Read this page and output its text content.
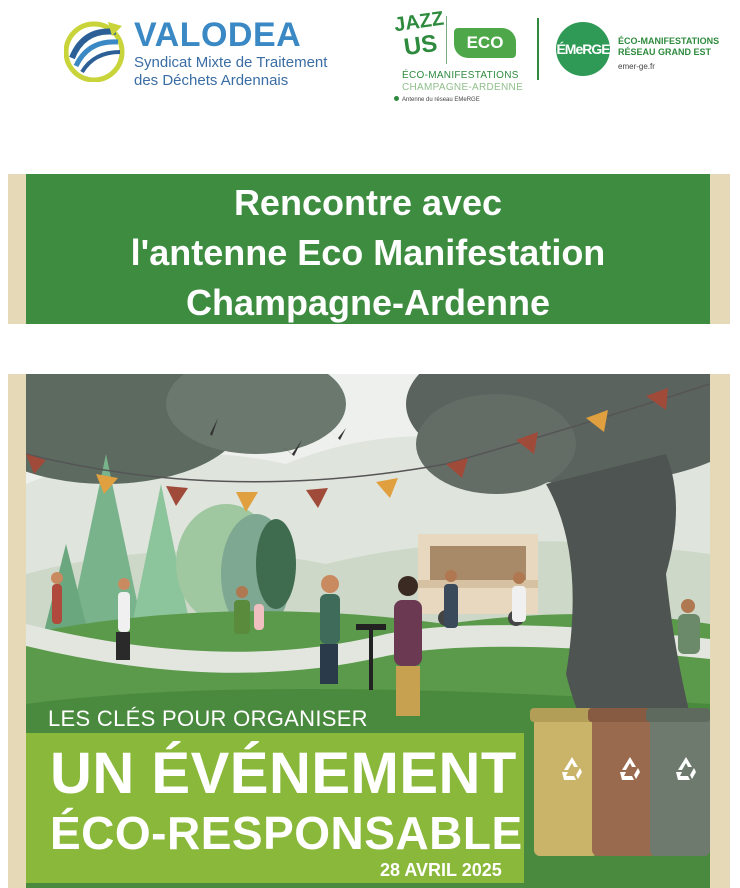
VALODEA
Syndicat Mixte de Traitement
des Déchets Ardennais
JAZZ
US	ECO
ÉCO-MANIFESTATIONS
CHAMPAGNE-ARDENNE
Antenne du réseau EMeRGE
ÉMeRGE ÉCO-MANIFESTATIONS
RÉSEAU GRAND EST
emer-ge.fr
Rencontre avec
l'antenne Eco Manifestation
Champagne-Ardenne
LES CLÉS POUR ORGANISER
UN ÉVÉNEMENT
ÉCO-RESPONSABLE
28 AVRIL 2025
